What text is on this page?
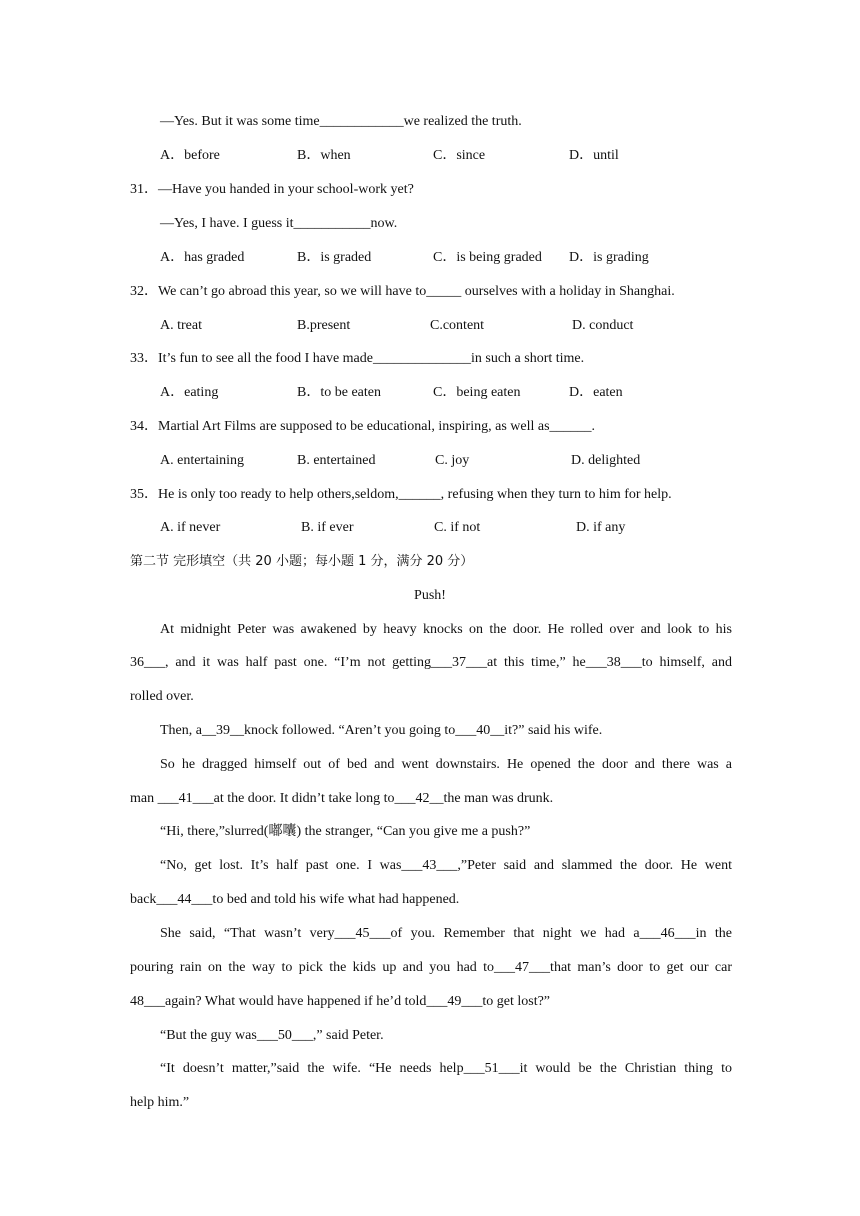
—Yes. But it was some time____________we realized the truth.
A．before	B．when	C．since	D．until
31．—Have you handed in your school-work yet?
—Yes, I have. I guess it___________now.
A．has graded	B．is graded	C．is being graded D．is grading
32．We can’t go abroad this year, so we will have to_____ ourselves with a holiday in Shanghai.
A. treat	B.present	C.content	D. conduct
33．It’s fun to see all the food I have made______________in such a short time.
A．eating	B．to be eaten	C．being eaten	D．eaten
34．Martial Art Films are supposed to be educational, inspiring, as well as______.
A. entertaining	B. entertained	C. joy	D. delighted
35．He is only too ready to help others,seldom,______, refusing when they turn to him for help.
A. if never	B. if ever	C. if not	D. if any
第二节 完形填空（共 20 小题；每小题 1 分，满分 20 分）
Push!
At midnight Peter was awakened by heavy knocks on the door. He rolled over and look to his
36___, and it was half past one. “I’m not getting___37___at this time,” he___38___to himself, and
rolled over.
Then, a__39__knock followed. “Aren’t you going to___40__it?” said his wife.
So he dragged himself out of bed and went downstairs. He opened the door and there was a
man ___41___at the door. It didn’t take long to___42__the man was drunk.
“Hi, there,”slurred(嘟囔) the stranger, “Can you give me a push?”
“No, get lost. It’s half past one. I was___43___,”Peter said and slammed the door. He went
back___44___to bed and told his wife what had happened.
She said, “That wasn’t very___45___of you. Remember that night we had a___46___in the
pouring rain on the way to pick the kids up and you had to___47___that man’s door to get our car
48___again? What would have happened if he’d told___49___to get lost?”
“But the guy was___50___,” said Peter.
“It doesn’t matter,”said the wife. “He needs help___51___it would be the Christian thing to
help him.”
